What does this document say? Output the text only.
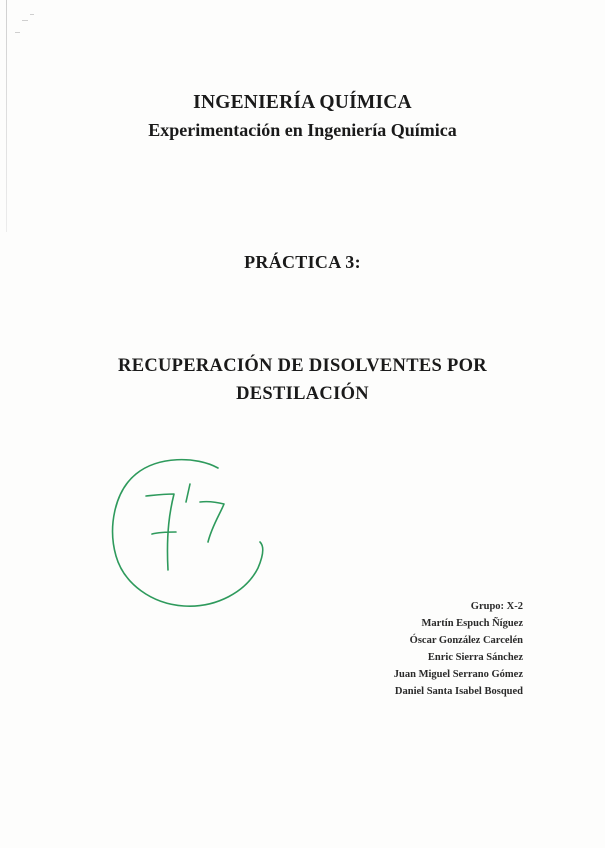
INGENIERÍA QUÍMICA
Experimentación en Ingeniería Química
PRÁCTICA 3:
RECUPERACIÓN DE DISOLVENTES POR
DESTILACIÓN
Grupo: X-2
Martín Espuch Ñíguez
Óscar González Carcelén
Enric Sierra Sánchez
Juan Miguel Serrano Gómez
Daniel Santa Isabel Bosqued
